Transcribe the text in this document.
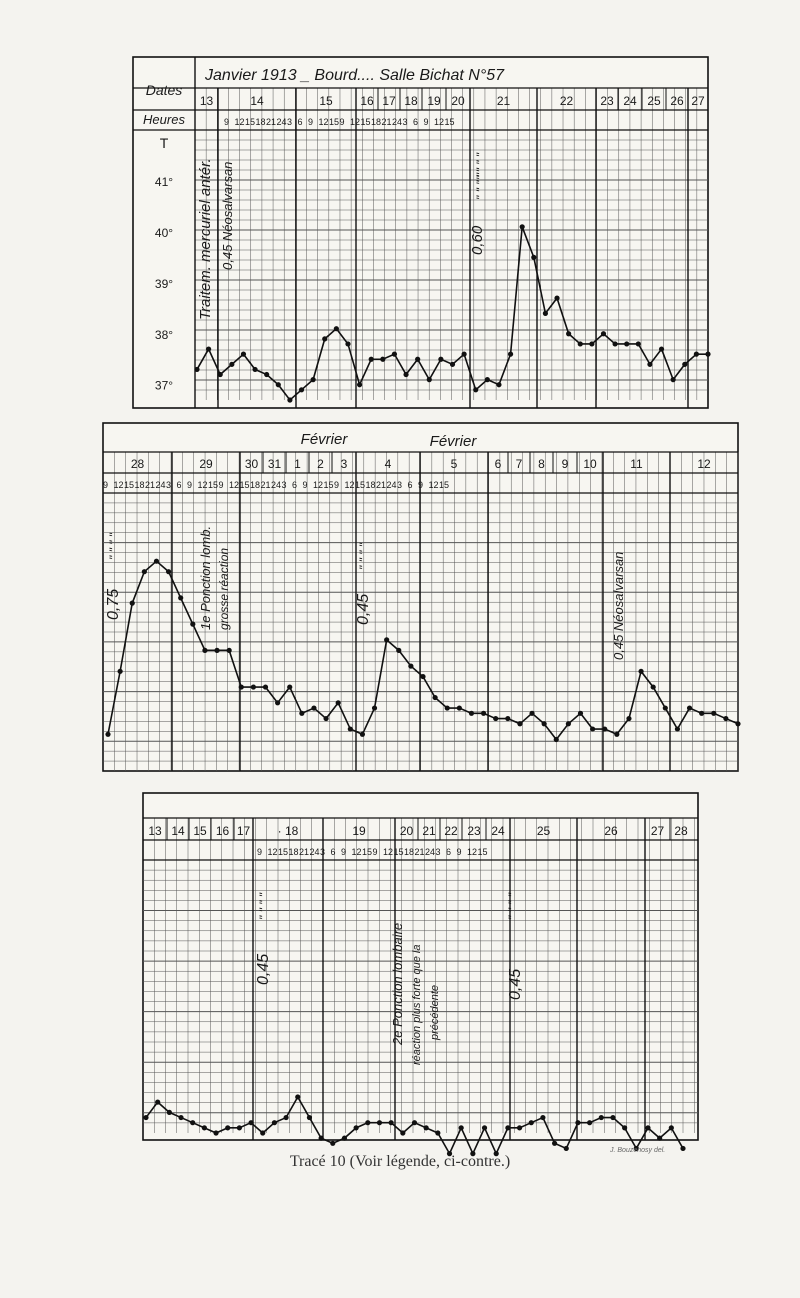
13	14	15 16 17 18 19 20	21	22 23 24 25 26 27
9 12 15 18 21 24 3 6 9 12 15 9 12 15 18 21 24 3 6 9 12 15
Dates
Heures
T
41°
40°
39°
38°
37°
Janvier 1913 _ Bourd.... Salle Bichat N°57
Traitem. mercuriel antér. 0,45 Néosalvarsan	" " " "
0,60
" " " "
28	29	30 31 1 2 3	4	5	6 7 8 9 10	11	12
9 12 15 18 21 24 3 6 9 12 15 9 12 15 18 21 24 3 6 9 12 15 9 12 15 18 21 24 3 6 9 12 15
Février	Février
" " " "
0,75	1e Ponction lomb. grosse réaction	" " " "
0,45	0,45 Néosalvarsan
13 14 15 16 17 · 18	19	20 21 22 23 24	25	26	27 28
9 12 15 18 21 24 3 6 9 12 15 9 12 15 18 21 24 3 6 9 12 15
" " " "
0,45	2e Ponction lombaire réaction plus forte que la précédente
" " " "
0,45
J. Bouzenosy del.
Tracé 10 (Voir légende, ci-contre.)
